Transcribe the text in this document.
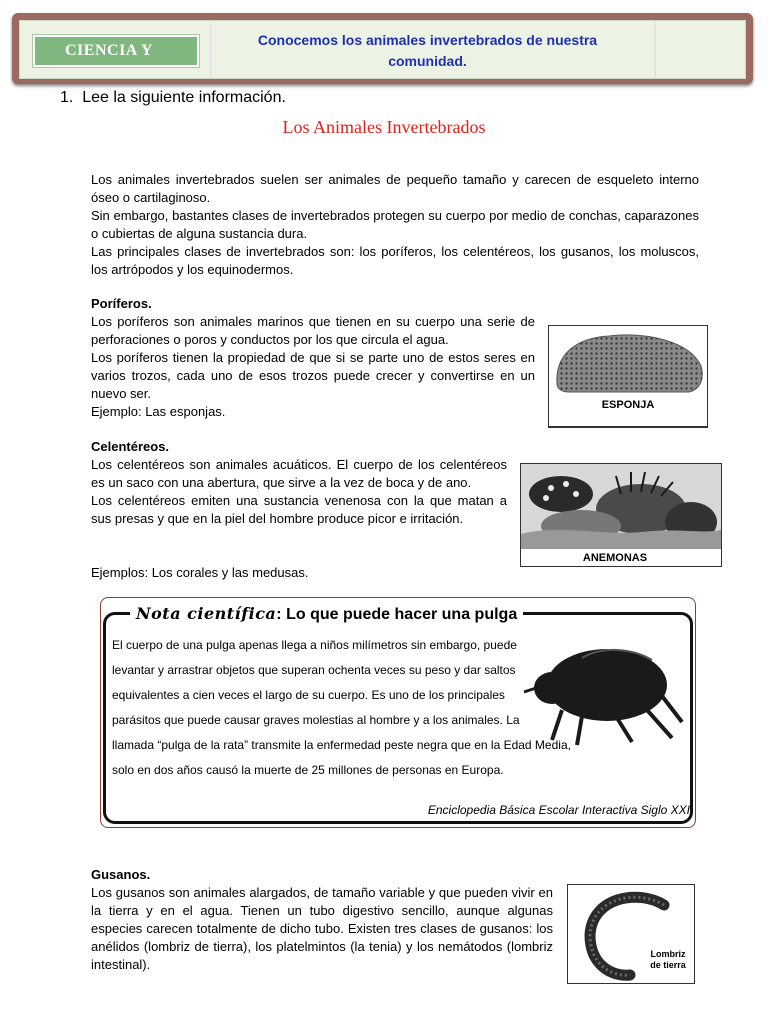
CIENCIA Y
Conocemos los animales invertebrados de nuestra comunidad.
1. Lee la siguiente información.
Los Animales Invertebrados
Los animales invertebrados suelen ser animales de pequeño tamaño y carecen de esqueleto interno óseo o cartilaginoso.
Sin embargo, bastantes clases de invertebrados protegen su cuerpo por medio de conchas, caparazones o cubiertas de alguna sustancia dura.
Las principales clases de invertebrados son: los poríferos, los celentéreos, los gusanos, los moluscos, los artrópodos y los equinodermos.
Poríferos.
Los poríferos son animales marinos que tienen en su cuerpo una serie de perforaciones o poros y conductos por los que circula el agua.
Los poríferos tienen la propiedad de que si se parte uno de estos seres en varios trozos, cada uno de esos trozos puede crecer y convertirse en un nuevo ser.
Ejemplo: Las esponjas.	ESPONJA
Celentéreos.
Los celentéreos son animales acuáticos. El cuerpo de los celentéreos es un saco con una abertura, que sirve a la vez de boca y de ano.
Los celentéreos emiten una sustancia venenosa con la que matan a sus presas y que en la piel del hombre produce picor e irritación.
Ejemplos: Los corales y las medusas.
ANEMONAS
Nota científica: Lo que puede hacer una pulga
El cuerpo de una pulga apenas llega a niños milímetros sin embargo, puede
levantar y arrastrar objetos que superan ochenta veces su peso y dar saltos
equivalentes a cien veces el largo de su cuerpo. Es uno de los principales
parásitos que puede causar graves molestias al hombre y a los animales. La
llamada “pulga de la rata” transmite la enfermedad peste negra que en la Edad Media,
solo en dos años causó la muerte de 25 millones de personas en Europa.
Enciclopedia Básica Escolar Interactiva Siglo XXI
Gusanos.
Los gusanos son animales alargados, de tamaño variable y que pueden vivir en la tierra y en el agua. Tienen un tubo digestivo sencillo, aunque algunas especies carecen totalmente de dicho tubo. Existen tres clases de gusanos: los anélidos (lombriz de tierra), los platelmintos (la tenia) y los nemátodos (lombriz intestinal).
Lombriz
de tierra
